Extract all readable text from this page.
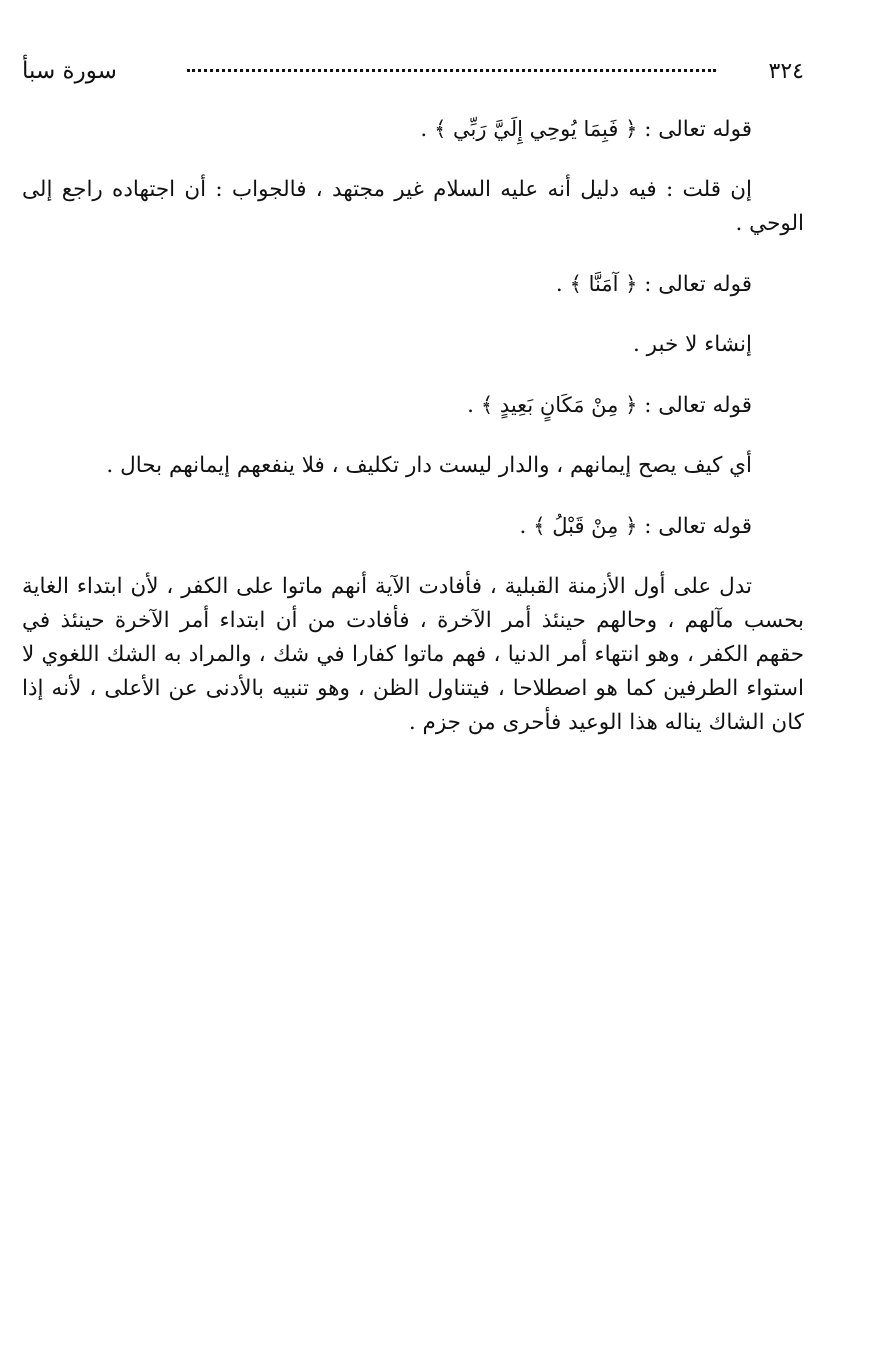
٣٢٤
سورة سبأ
قوله تعالى : ﴿ فَبِمَا يُوحِي إِلَيَّ رَبِّي ﴾ .

إن قلت : فيه دليل أنه عليه السلام غير مجتهد ، فالجواب : أن اجتهاده راجع إلى الوحي .

قوله تعالى : ﴿ آمَنَّا ﴾ .
إنشاء لا خبر .
قوله تعالى : ﴿ مِنْ مَكَانٍ بَعِيدٍ ﴾ .
أي كيف يصح إيمانهم ، والدار ليست دار تكليف ، فلا ينفعهم إيمانهم بحال .
قوله تعالى : ﴿ مِنْ قَبْلُ ﴾ .

تدل على أول الأزمنة القبلية ، فأفادت الآية أنهم ماتوا على الكفر ، لأن ابتداء الغاية بحسب مآلهم ، وحالهم حينئذ أمر الآخرة ، فأفادت من أن ابتداء أمر الآخرة حينئذ في حقهم الكفر ، وهو انتهاء أمر الدنيا ، فهم ماتوا كفارا في شك ، والمراد به الشك اللغوي لا استواء الطرفين كما هو اصطلاحا ، فيتناول الظن ، وهو تنبيه بالأدنى عن الأعلى ، لأنه إذا كان الشاك يناله هذا الوعيد فأحرى من جزم .
